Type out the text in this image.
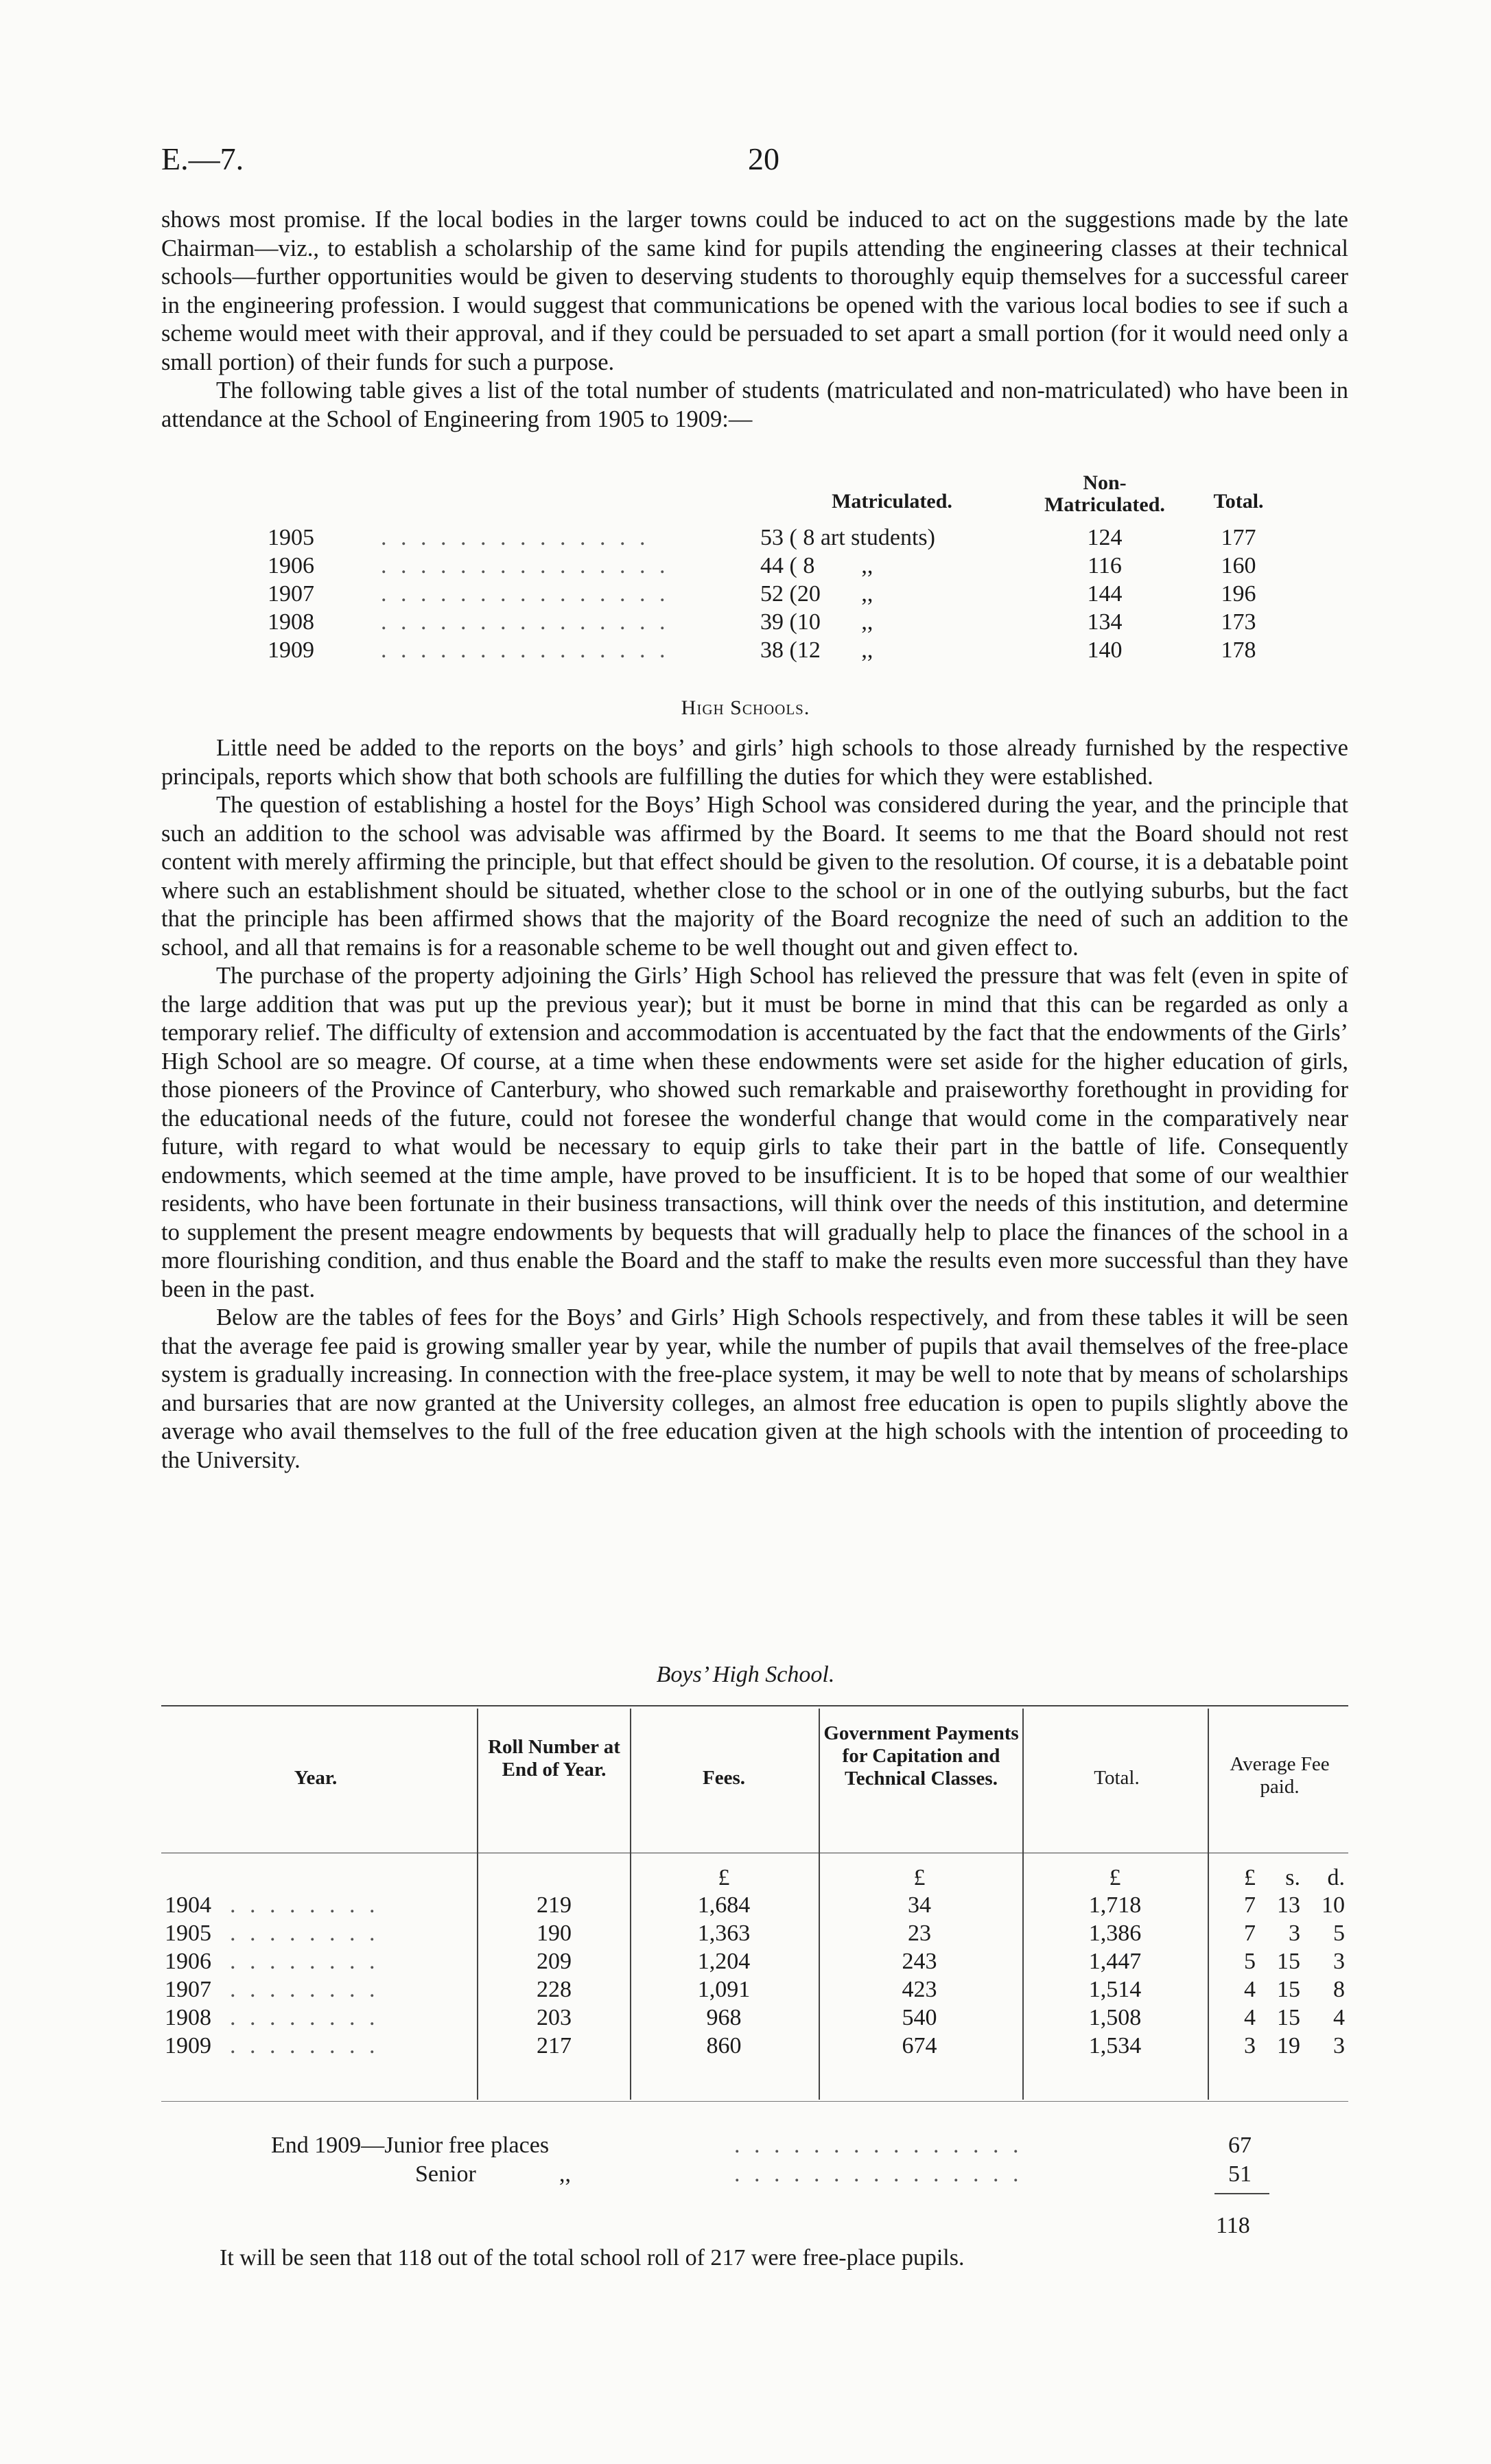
E.—7.	20

shows most promise. If the local bodies in the larger towns could be induced to act on the suggestions made by the late Chairman—viz., to establish a scholarship of the same kind for pupils attending the engineering classes at their technical schools—further opportunities would be given to deserving students to thoroughly equip themselves for a successful career in the engineering profession. I would suggest that communications be opened with the various local bodies to see if such a scheme would meet with their approval, and if they could be persuaded to set apart a small portion (for it would need only a small portion) of their funds for such a purpose.

The following table gives a list of the total number of students (matriculated and non-matriculated) who have been in attendance at the School of Engineering from 1905 to 1909:—

Matriculated.
Non-Matriculated.	Total.
1905	. . . . . . . . . . . . . .	53 ( 8 art students)	124	177
1906	. . . . . . . . . . . . . . .	44 ( 8        ,,	116	160
1907	. . . . . . . . . . . . . . .	52 (20       ,,	144	196
1908	. . . . . . . . . . . . . . .	39 (10       ,,	134	173
1909	. . . . . . . . . . . . . . .	38 (12       ,,	140	178
High Schools.

Little need be added to the reports on the boys’ and girls’ high schools to those already furnished by the respective principals, reports which show that both schools are fulfilling the duties for which they were established.

The question of establishing a hostel for the Boys’ High School was considered during the year, and the principle that such an addition to the school was advisable was affirmed by the Board. It seems to me that the Board should not rest content with merely affirming the principle, but that effect should be given to the resolution. Of course, it is a debatable point where such an establishment should be situated, whether close to the school or in one of the outlying suburbs, but the fact that the principle has been affirmed shows that the majority of the Board recognize the need of such an addition to the school, and all that remains is for a reasonable scheme to be well thought out and given effect to.

The purchase of the property adjoining the Girls’ High School has relieved the pressure that was felt (even in spite of the large addition that was put up the previous year); but it must be borne in mind that this can be regarded as only a temporary relief. The difficulty of extension and accommodation is accentuated by the fact that the endowments of the Girls’ High School are so meagre. Of course, at a time when these endowments were set aside for the higher education of girls, those pioneers of the Province of Canterbury, who showed such remarkable and praiseworthy forethought in providing for the educational needs of the future, could not foresee the wonderful change that would come in the comparatively near future, with regard to what would be necessary to equip girls to take their part in the battle of life. Consequently endowments, which seemed at the time ample, have proved to be insufficient. It is to be hoped that some of our wealthier residents, who have been fortunate in their business transactions, will think over the needs of this institution, and determine to supplement the present meagre endowments by bequests that will gradually help to place the finances of the school in a more flourishing condition, and thus enable the Board and the staff to make the results even more successful than they have been in the past.

Below are the tables of fees for the Boys’ and Girls’ High Schools respectively, and from these tables it will be seen that the average fee paid is growing smaller year by year, while the number of pupils that avail themselves of the free-place system is gradually increasing. In connection with the free-place system, it may be well to note that by means of scholarships and bursaries that are now granted at the University colleges, an almost free education is open to pupils slightly above the average who avail themselves to the full of the free education given at the high schools with the intention of proceeding to the University.

Boys’ High School.
Year.
Roll Number at End of Year.	Fees.
Government Payments for Capitation and Technical Classes.	Total.
Average Fee paid.
£	£	£	£	s.	d.
1904 . . . . . . . .	219	1,684	34	1,718	7 13 10
1905 . . . . . . . .	190	1,363	23	1,386	7	3	5
1906 . . . . . . . .	209	1,204	243	1,447	5 15	3
1907 . . . . . . . .	228	1,091	423	1,514	4 15	8
1908 . . . . . . . .	203	968	540	1,508	4 15	4
1909 . . . . . . . .	217	860	674	1,534	3 19	3
End 1909—Junior free places	. . . . . . . . . . . . . . .	67
Senior	,,	. . . . . . . . . . . . . . .	51
118
It will be seen that 118 out of the total school roll of 217 were free-place pupils.
